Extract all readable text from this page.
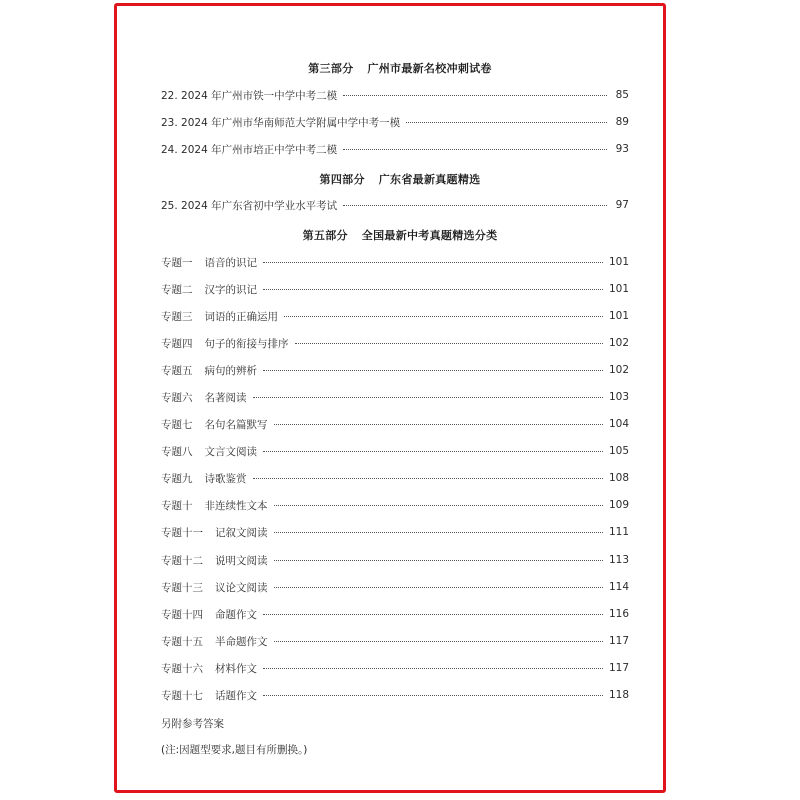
第三部分 广州市最新名校冲刺试卷
22. 2024 年广州市铁一中学中考二模	85
23. 2024 年广州市华南师范大学附属中学中考一模	89
24. 2024 年广州市培正中学中考二模	93
第四部分 广东省最新真题精选
25. 2024 年广东省初中学业水平考试	97
第五部分 全国最新中考真题精选分类
专题一 语音的识记	101
专题二 汉字的识记	101
专题三 词语的正确运用	101
专题四 句子的衔接与排序	102
专题五 病句的辨析	102
专题六 名著阅读	103
专题七 名句名篇默写	104
专题八 文言文阅读	105
专题九 诗歌鉴赏	108
专题十 非连续性文本	109
专题十一 记叙文阅读	111
专题十二 说明文阅读	113
专题十三 议论文阅读	114
专题十四 命题作文	116
专题十五 半命题作文	117
专题十六 材料作文	117
专题十七 话题作文	118
另附参考答案
(注:因题型要求,题目有所删换。)
